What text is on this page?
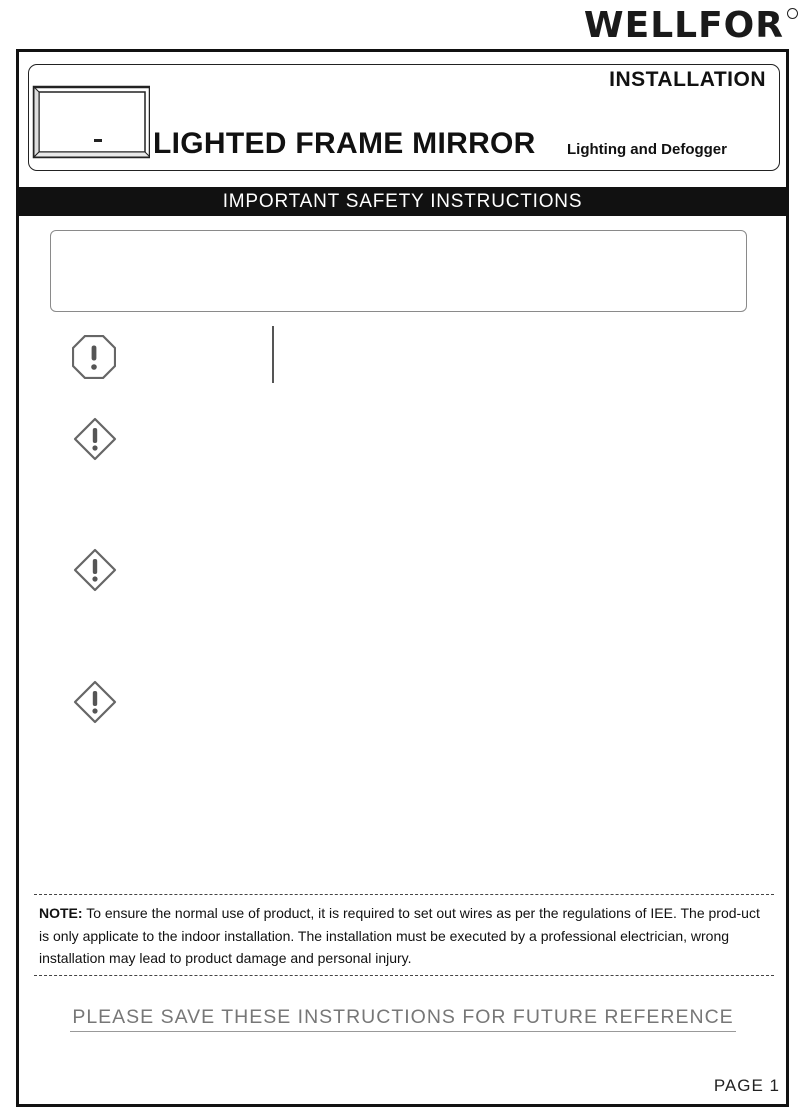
WELLFOR
INSTALLATION
LIGHTED FRAME MIRROR Lighting and Defogger
IMPORTANT SAFETY INSTRUCTIONS
NOTE: To ensure the normal use of product, it is required to set out wires as per the regulations of IEE. The prod-uct is only applicate to the indoor installation. The installation must be executed by a professional electrician, wrong installation may lead to product damage and personal injury.
PLEASE SAVE THESE INSTRUCTIONS FOR FUTURE REFERENCE
PAGE 1
